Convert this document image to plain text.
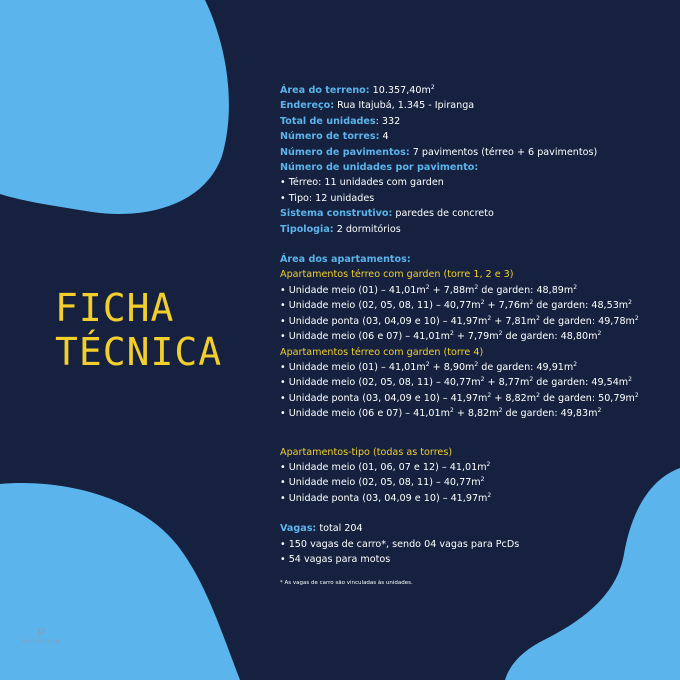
FICHA
TÉCNICA
Área do terreno: $10.357,40m^2$
Endereço: Rua Itajubá, 1.345 - Ipiranga
Total de unidades: 332
Número de torres: 4
Número de pavimentos: 7 pavimentos (térreo + 6 pavimentos)
Número de unidades por pavimento:
• Térreo: 11 unidades com garden
• Tipo: 12 unidades
Sistema construtivo: paredes de concreto
Tipologia: 2 dormitórios
Área dos apartamentos:
Apartamentos térreo com garden (torre 1, 2 e 3)
• Unidade meio $(01) - 41,01m^2 + 7,88m^2$ de garden: $48,89m^2$
• Unidade meio (02, 05, 08, $11) - 40,77m^2 + 7,76m^2$ de garden: $48,53m^2$
• Unidade ponta (03, 04,09 e $10) - 41,97m^2 + 7,81m^2$ de garden: $49,78m^2$
• Unidade meio (06 e $07) - 41,01m^2 + 7,79m^2$ de garden: $48,80m^2$
Apartamentos térreo com garden (torre 4)
• Unidade meio $(01) - 41,01m^2 + 8,90m^2$ de garden: $49,91m^2$
• Unidade meio (02, 05, 08, $11) - 40,77m^2 + 8,77m^2$ de garden: $49,54m^2$
• Unidade ponta (03, 04,09 e $10) - 41,97m^2 + 8,82m^2$ de garden: $50,79m^2$
• Unidade meio (06 e $07) - 41,01m^2 + 8,82m^2$ de garden: $49,83m^2$
Apartamentos-tipo (todas as torres)
• Unidade meio (01, 06, 07 e $12) - 41,01m^2$
• Unidade meio (02, 05, 08, $11) - 40,77m^2$
• Unidade ponta (03, 04,09 e $10) - 41,97m^2$
Vagas: total 204
• 150 vagas de carro*, sendo 04 vagas para PcDs
• 54 vagas para motos
* As vagas de carro são vinculadas às unidades.
P
PROVISION
